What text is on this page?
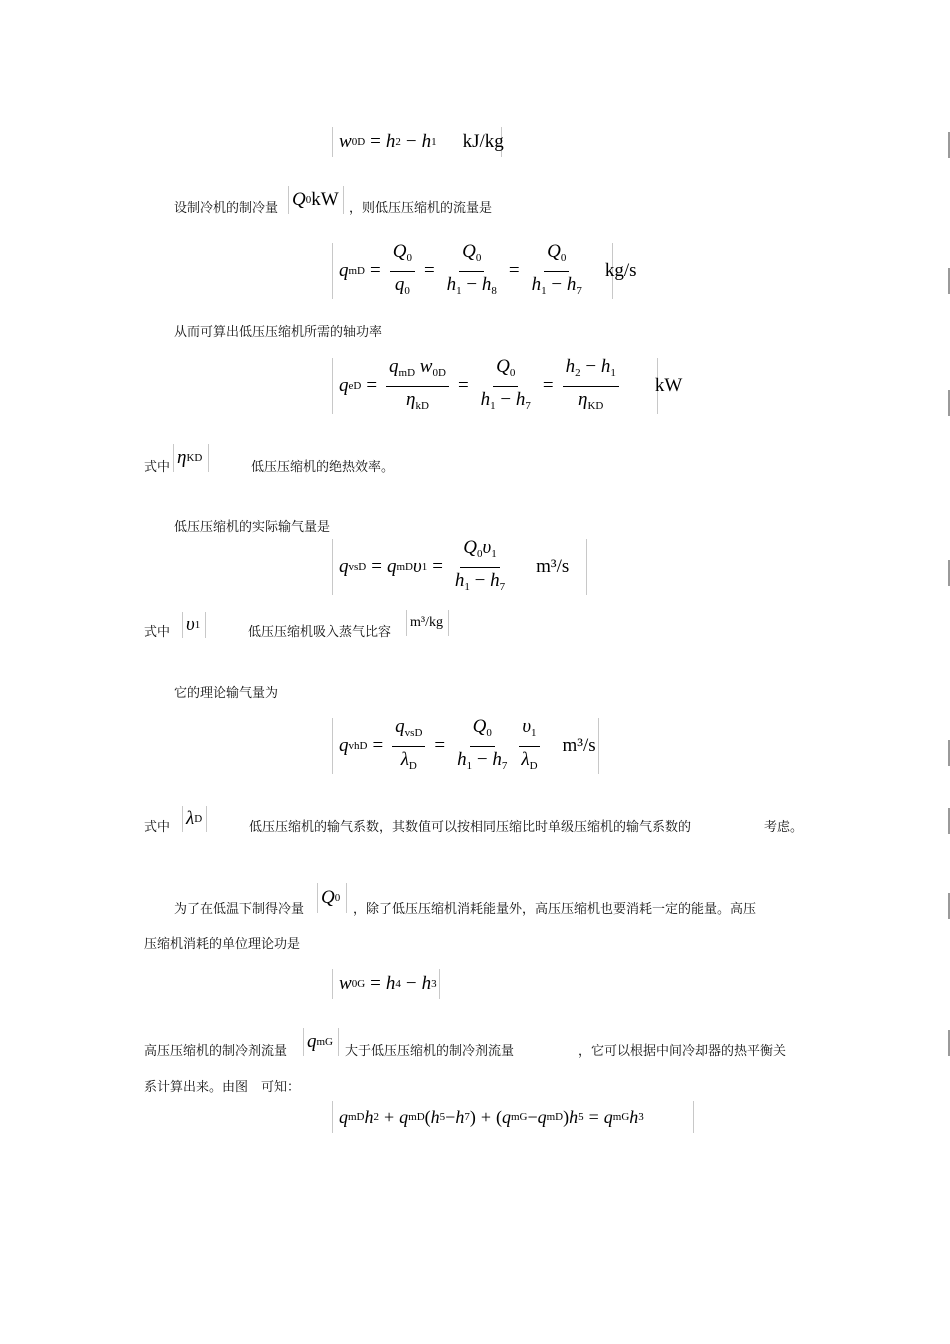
w 0D = h 2 − h 1 kJ/kg
设制冷机的制冷量 Q 0 kW ，则低压压缩机的流量是
q mD = $\frac{Q_0}{q_0} = \frac{Q_0}{h_1 - h_8} = \frac{Q_0}{h_1 - h_7} kg/s$
从而可算出低压压缩机所需的轴功率
q eD = $\frac{q_{mD} w_{0D}}{\eta_{kD}} = \frac{Q_0}{h_1 - h_7} = \frac{h_2 - h_1}{\eta_{KD}}$ kW
式中 η KD
低压压缩机的绝热效率。
低压压缩机的实际输气量是
q vsD = q mD υ $1 = \frac{Q_0\upsilon_1}{h_1 - h_7} m^3/s$
式中 υ 1	低压压缩机吸入蒸气比容
m³/kg
它的理论输气量为
q vhD = $\frac{q_{vsD}}{\lambda_D} = \frac{Q_0}{h_1 - h_7} \frac{\upsilon_1}{\lambda_D} m^3/s$
式中 λ D
低压压缩机的输气系数，其数值可以按相同压缩比时单级压缩机的输气系数的	考虑。
为了在低温下制得冷量
Q 0
，除了低压压缩机消耗能量外，高压压缩机也要消耗一定的能量。高压
压缩机消耗的单位理论功是
w 0G = h 4 − h 3
高压压缩机的制冷剂流量 q mG
大于低压压缩机的制冷剂流量	，它可以根据中间冷却器的热平衡关
系计算出来。由图　可知：
q mD h 2 + q mD ( h 5 − h 7 ) + ( q mG − q mD ) h 5 = q mG h 3
